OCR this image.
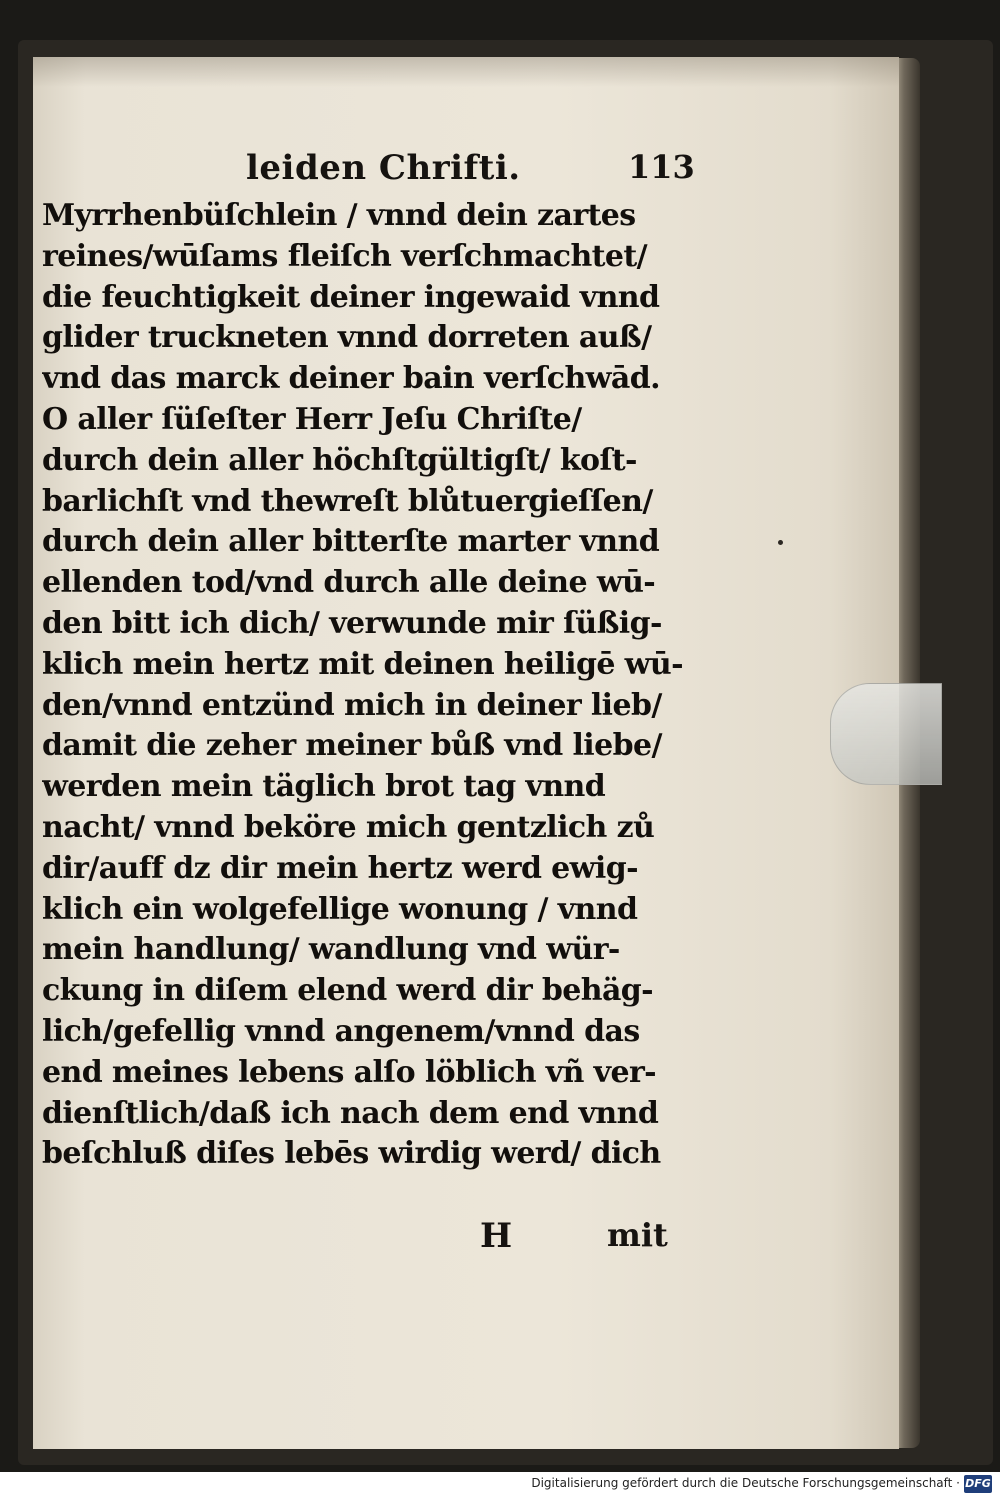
leiden Chrifti.	113
Myrrhenbüſchlein / vnnd dein zartes
reines/wūſams fleiſch verſchmachtet/
die feuchtigkeit deiner ingewaid vnnd
glider truckneten vnnd dorreten auß/
vnd das marck deiner bain verſchwād.
O aller ſüſeſter Herr Jeſu Chriſte/
durch dein aller höchſtgültigſt/ koſt-
barlichſt vnd thewreſt blůtuergieſſen/
durch dein aller bitterſte marter vnnd
ellenden tod/vnd durch alle deine wū-
den bitt ich dich/ verwunde mir ſüßig-
klich mein hertz mit deinen heiligē wū-
den/vnnd entzünd mich in deiner lieb/
damit die zeher meiner bůß vnd liebe/
werden mein täglich brot tag vnnd
nacht/ vnnd beköre mich gentzlich zů
dir/auff dz dir mein hertz werd ewig-
klich ein wolgefellige wonung / vnnd
mein handlung/ wandlung vnd wür-
ckung in diſem elend werd dir behäg-
lich/gefellig vnnd angenem/vnnd das
end meines lebens alſo löblich vñ ver-
dienſtlich/daß ich nach dem end vnnd
beſchluß diſes lebēs wirdig werd/ dich
H	mit
Digitalisierung gefördert durch die Deutsche Forschungsgemeinschaft · DFG
